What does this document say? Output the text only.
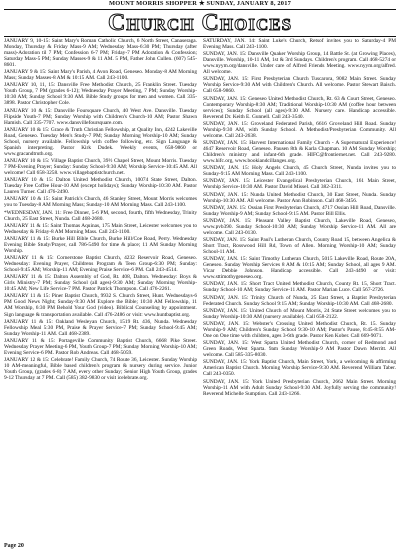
MOUNT MORRIS SHOPPER ★ SUNDAY, JANUARY 8, 2017
Church Choices

JANUARY 9, 10-15: Saint Mary's Roman Catholic Church, 6 North Street, Canaseraga. Monday, Thursday & Friday Mass-9 AM; Wednesday Mass-6:30 PM; Thursday (after mass)-Adoration til 7 PM; Confession 6-7 PM; Friday-7 PM Adoration & Confession; Saturday Mass-5 PM; Sunday Masses-9 & 11 AM. 5 PM, Father John Cullen. (607) 545-8601.

JANUARY 9 & 15: Saint Mary's Parish, 4 Avon Road, Geneseo. Monday-8 AM Morning Mass; Sunday Masses-8 AM & 10:15 AM. Call 243-1100.

JANUARY 10, 11, 15: Dansville Free Methodist Church, 25 Franklin Street. Tuesday Youth Group, 7 PM (grades 6-12); Wednesday Prayer Meeting, 7 PM; Sunday Worship-10:30 AM; Sunday School 9:30 AM. Bible Study groups for men and women. Call 335-3898. Pastor Christopher Cole.

JANUARY 10 & 15: Dansville Foursquare Church, 40 West Ave. Dansville. Tuesday Flipside Youth-7 PM; Sunday Worship with Children's Church-10 AM; Pastor Shawn Hamish. Call 335-7707. www.dansvillefoursquare.com.

JANUARY 10 & 15: Grace & Truth Christian Fellowship, at Quality Inn, 4242 Lakeville Road, Geneseo. Tuesday Men's Study-7 PM; Sunday Morning Worship-10 AM; Sunday School, nursery available. Fellowship with coffee following, etc. Sign Language & Spanish interpreting. Pastor Kirk Dudek. Weekly events, 658-9860 or www.gracandtruth.org.

JANUARY 10 & 15: Village Baptist Church, 39½ Chapel Street, Mount Morris. Tuesday 7 PM-Evening Prayer; Sunday: Sunday School-9:30 AM; Worship Service-10:45 AM. All welcome! Call 658-3258. www.villagebaptistchurch.net.

JANUARY 10 & 15: Dalton United Methodist Church, 10074 State Street, Dalton. Tuesday Free Coffee Hour-10 AM (except holidays); Sunday Worship-10:30 AM. Pastor Lauren Turner. Call 476-2490.

JANUARY 10 & 15: Saint Patrick's Church, 46 Stanley Street, Mount Morris welcomes you to Tuesday-8 AM Morning Mass; Sunday-10 AM Morning Mass. Call 243-1100.

*WEDNESDAY, JAN. 11: Free Dinner, 5-6 PM, second, fourth, fifth Wednesday, Trinity Church, 25 East Street, Nunda. Call 468-2680.

JANUARY 11 & 15: Saint Thomas Aquinas, 175 Main Street, Leicester welcomes you to Wednesday & Friday-8 AM Morning Mass. Call 243-1100.

JANUARY 11 & 15: Burke Hill Bible Church, Burke Hill/Coe Road, Perry. Wednesday Evening Bible Study/Prayer, call 786-5490 for time & place; 11 AM Sunday Morning Worship.

JANUARY 11 & 15: Cornerstone Baptist Church, 4232 Reservoir Road, Geneseo. Wednesday: Evening Prayer, Childrens Program & Teen Group-6:30 PM; Sunday: School-9:45 AM; Worship-11 AM; Evening Praise Service-6 PM. Call 243-4514.

JANUARY 11 & 15: Dalton Assembly of God, Rt. 408, Dalton. Wednesday: Boys & Girls Ministry-7 PM; Sunday School (all ages)-9:30 AM; Sunday Morning Worship-10:45 AM; New Life Service-7 PM. Pastor Patrick Thompson. Call 476-2261.

JANUARY 11 & 15: Piner Baptist Church, 9932 S. Church Street, Hunt. Wednesdays-6 PM Good News Night; Sunday-9:30 AM Explore the Bible; 10:30 AM Fellowship, 11 AM Worship, 6:30 PM Behold Your God (video). Biblical Counseling by appointment. Sign language & transportation available. Call 476-2486 or visit: www.huntbaptist.org.

JANUARY 11 & 15: Oakland Wesleyan Church, 1519 Rt. 436, Nunda. Wednesday Fellowship Meal 5:30 PM, Praise & Prayer Service-7 PM; Sunday School-9:45 AM; Sunday Worship-11 AM. Call 468-2389.

JANUARY 11 & 15: Portageville Community Baptist Church, 6668 Pike Street. Wednesday Prayer Meeting-6 PM, Youth Group-7 PM; Sunday Morning Worship-10 AM; Evening Service-6 PM. Pastor Rob Andreas. Call 468-5059.

JANUARY 12 & 15: Celebrate! Family Church, 74 Route 36, Leicester. Sunday Worship 10 AM-meaningful, Bible based children's program & nursery during service. Junior Youth Group, (grades 6-8) 7 AM, every other Sunday; Senior High Youth Group, grades 9-12 Thursday at 7 PM. Call (585) 382-9830 or visit icelebrate.org.

SATURDAY, JAN. 14: Saint Luke's Church, Retsof invites you to Saturday-4 PM Evening Mass. Call 243-1100.

SUNDAY, JAN. 15: Dansville Quaker Worship Group, 14 Battle St. (at Growing Places), Dansville. Worship, 10-11 AM, 1st & 3rd Sundays. Children's program. Call 468-5274 or www.nyym.org/dansville. Under care of Alfred Friends Meeting. www.nyym.org/alfred. All welcome.

SUNDAY, JAN. 15: First Presbyterian Church Tuscarora, 9082 Main Street. Sunday Worship Service-9:30 AM with Children's Church. All welcome. Pastor Stewart Baisch. Call 658-9860.

SUNDAY, JAN. 15: Geneseo United Methodist Church, Rt. 63 & Court Street, Geneseo. Contemporary Worship-8:30 AM; Traditional Worship-10:30 AM (coffee hour between services); Sunday School (all ages)-9:30 AM. Nursery care. Handicap accessible. Reverend Dr. Keith E. Gunnell. Call 243-3540.

SUNDAY, JAN. 15: Groveland Federated Parish, 6616 Groveland Hill Road. Sunday Worship-9:30 AM, with Sunday School. A Methodist/Presbyterian Community. All welcome. Call 243-2638.

SUNDAY, JAN. 15: Harvest International Family Church - A Supernatural Experience! 4647 Reservoir Road, Geneseo. Pausen 8th & Karla Chapman. 10 AM Sunday Worship; Children's ministry and infant-6th grade. HIFC@frontiernet.net. Call 243-9280. www.hifc.org, www.bookiandcillanges.org.

SUNDAY, JAN. 15: Holy Angels Church, 45 Church Street, Nunda invites you to Sunday-9:15 AM Morning Mass. Call 243-1100.

SUNDAY, JAN. 15: Leicester Evangelical Presbyterian Church, 161 Main Street, Worship Service-10:30 AM. Pastor David Missel. Call 382-3311.

SUNDAY, JAN. 15: Nunda United Methodist Church, 30 East Street, Nunda. Sunday Worship-10:30 AM. All welcome. Pastor Ann Robinson. Call 468-3456.

SUNDAY, JAN. 15: Ossian First Presbyterian Church, 4717 Ossian Hill Road, Dansville. Sunday Worship-9 AM; Sunday School-9:15 AM. Pastor Bill Ellis.

SUNDAY, JAN. 15: Pleasant Valley Baptist Church, Lakeville Road, Geneseo, www.pvb390. Sunday School-10:30 AM; Sunday Worship Service-11 AM. All are welcome. Call 243-0130.

SUNDAY, JAN. 15: Saint Paul's Lutheran Church, County Road 15, between Angelica & Short Tract, Rosswood Hill Rd, Town of Allen. Morning Worship-10 AM; Sunday School-11 AM.

SUNDAY, JAN. 15: Saint Timothy Lutheran Church, 5015 Lakeville Road, Route 20A, Geneseo. Sunday Worship Services 8 AM & 10:15 AM; Sunday School, all ages 9 AM. Vicar Debbie Johnson. Handicap accessible. Call 243-4490 or visit: www.sttimothygeneseo.org.

SUNDAY, JAN. 15: Short Tract United Methodist Church, County Rt. 15, Short Tract. Sunday School-10 AM; Sunday Service-11 AM. Pastor Marian Luce. Call 567-2726.

SUNDAY, JAN. 15: Trinity Church of Nunda, 25 East Street, a Baptist Presbyterian Federated Church. Sunday School 9:15 AM; Sunday Worship-10:30 AM. Call 468-2680.

SUNDAY, JAN. 15: United Church of Mount Morris, 24 State Street welcomes you to Sunday Worship-10:30 AM (nursery available). Call 658-2122.

SUNDAY, JAN. 15: Webster's Crossing United Methodist Church, Rt. 15. Sunday Worship-9 AM; Children's Sunday School 9:30-10 AM; Pastor's Pause, 8:45-8:55 AM-One on One time with children, ages 3-6th grade. Pastor Ken Kober. Call 669-9071.

SUNDAY, JAN. 15: West Sparta United Methodist Church, corner of Redmond and Green Roads, West Sparta. 9am Sunday Worship-9 AM Pastor Dawn Merritt. All welcome. Call 585-335-8030.

SUNDAY, JAN. 15: York Baptist Church, Main Street, York, a welcoming & affirming American Baptist Church. Morning Worship Service-9:30 AM. Reverend William Taber. Call 243-0350.

SUNDAY, JAN. 15: York United Presbyterian Church, 2662 Main Street. Morning Worship-11 AM with Adult Sunday School-9:30 AM. Joyfully serving the community! Reverend Michelle Sumption. Call 243-1266.

Page 20
